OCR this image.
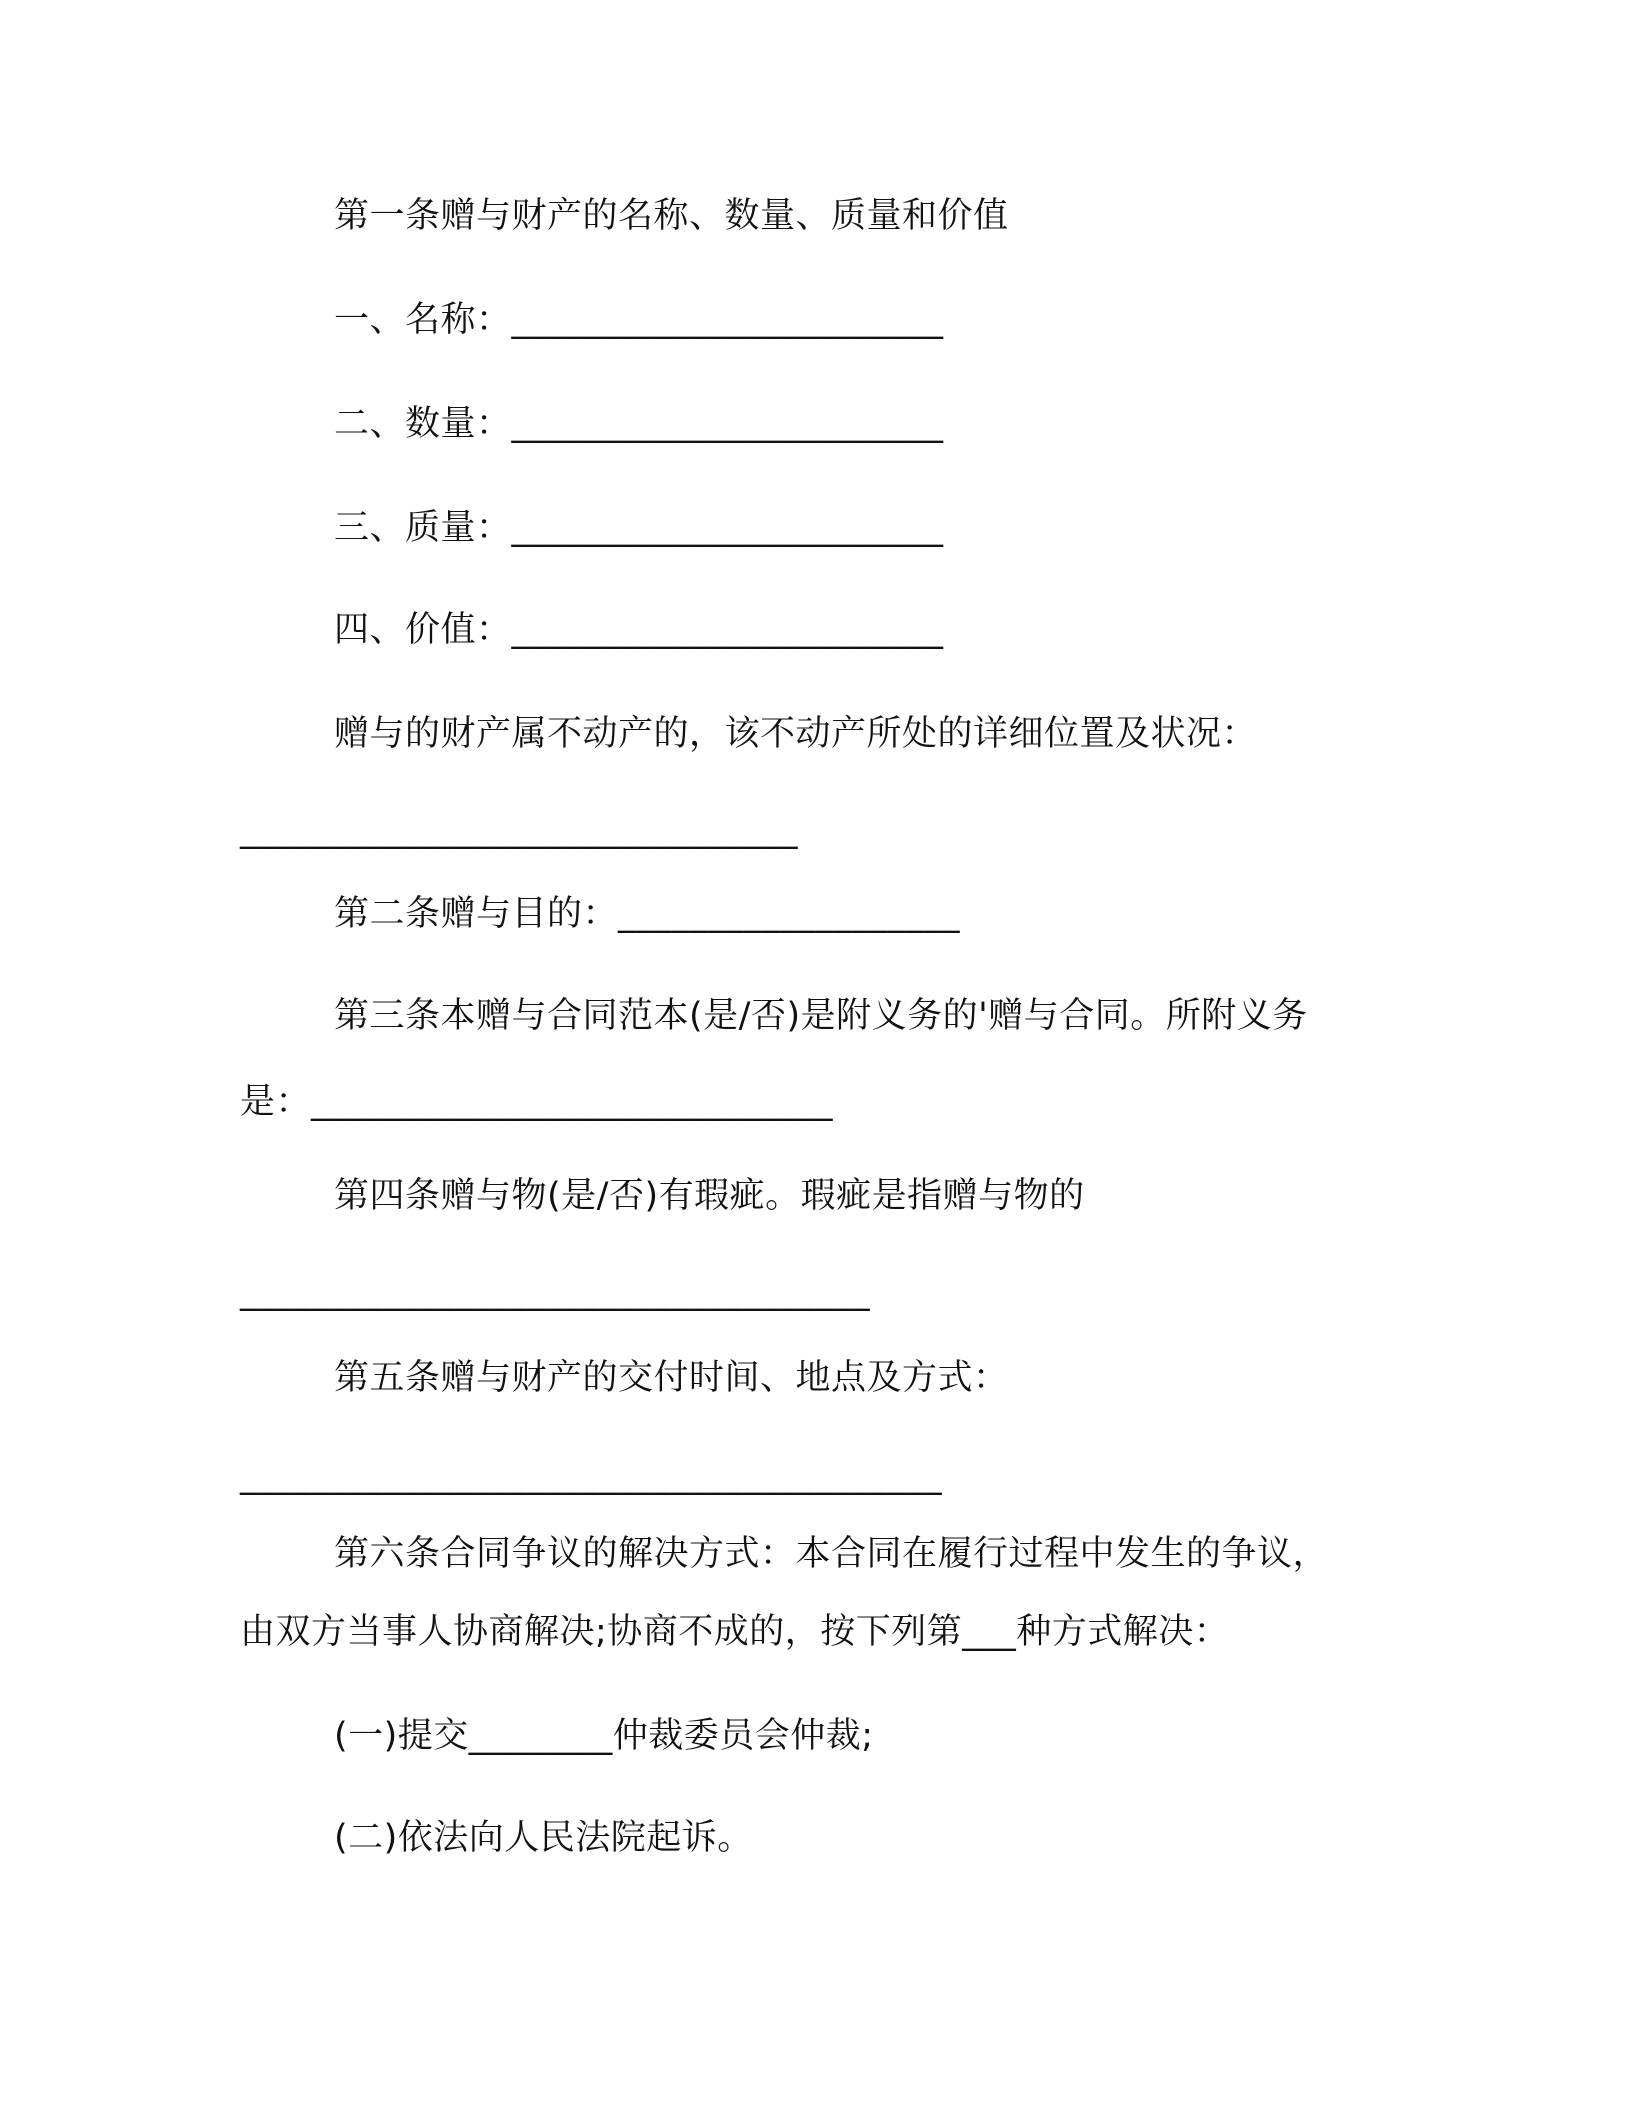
第一条赠与财产的名称、数量、质量和价值
一、名称：________________________
二、数量：________________________
三、质量：________________________
四、价值：________________________
赠与的财产属不动产的，该不动产所处的详细位置及状况：
_______________________________
第二条赠与目的：___________________
第三条本赠与合同范本(是/否)是附义务的'赠与合同。所附义务
是：_____________________________
第四条赠与物(是/否)有瑕疵。瑕疵是指赠与物的
___________________________________
第五条赠与财产的交付时间、地点及方式：
_______________________________________
第六条合同争议的解决方式：本合同在履行过程中发生的争议，
由双方当事人协商解决;协商不成的，按下列第___种方式解决：
(一)提交________仲裁委员会仲裁;
(二)依法向人民法院起诉。
